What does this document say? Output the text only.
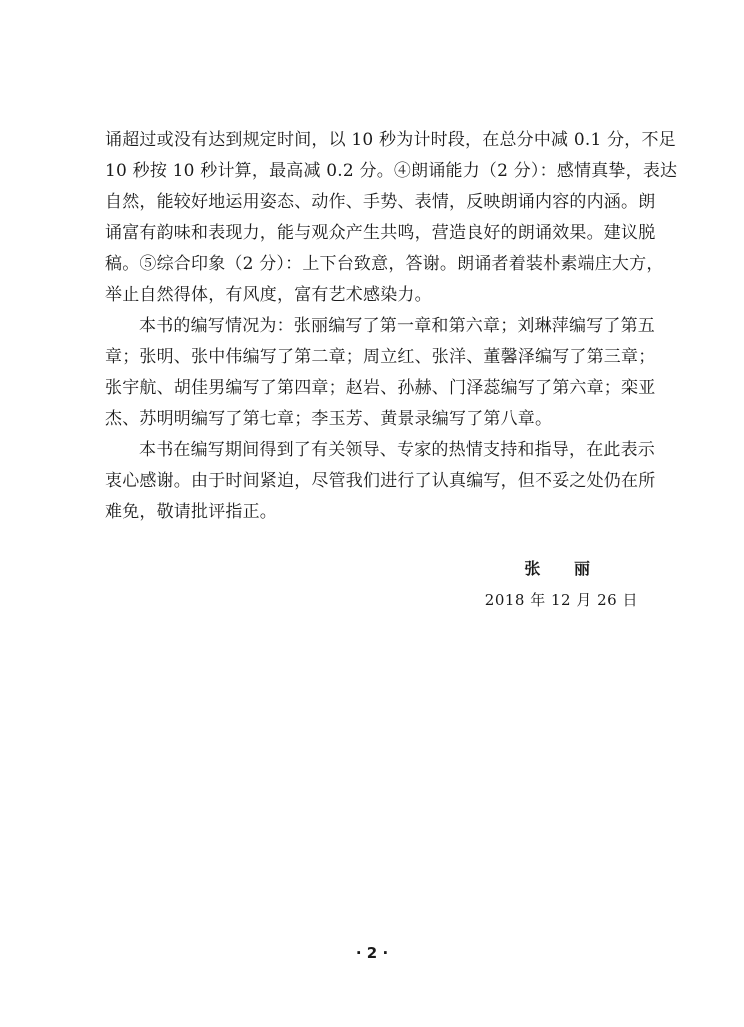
诵超过或没有达到规定时间，以 10 秒为计时段，在总分中减 0.1 分，不足
10 秒按 10 秒计算，最高减 0.2 分。④朗诵能力（2 分）：感情真挚，表达
自然，能较好地运用姿态、动作、手势、表情，反映朗诵内容的内涵。朗
诵富有韵味和表现力，能与观众产生共鸣，营造良好的朗诵效果。建议脱
稿。⑤综合印象（2 分）：上下台致意，答谢。朗诵者着装朴素端庄大方，
举止自然得体，有风度，富有艺术感染力。
本书的编写情况为：张丽编写了第一章和第六章；刘琳萍编写了第五
章；张明、张中伟编写了第二章；周立红、张洋、董馨泽编写了第三章；
张宇航、胡佳男编写了第四章；赵岩、孙赫、门泽蕊编写了第六章；栾亚
杰、苏明明编写了第七章；李玉芳、黄景录编写了第八章。
本书在编写期间得到了有关领导、专家的热情支持和指导，在此表示
衷心感谢。由于时间紧迫，尽管我们进行了认真编写，但不妥之处仍在所
难免，敬请批评指正。
张 丽
2018 年 12 月 26 日
· 2 ·
